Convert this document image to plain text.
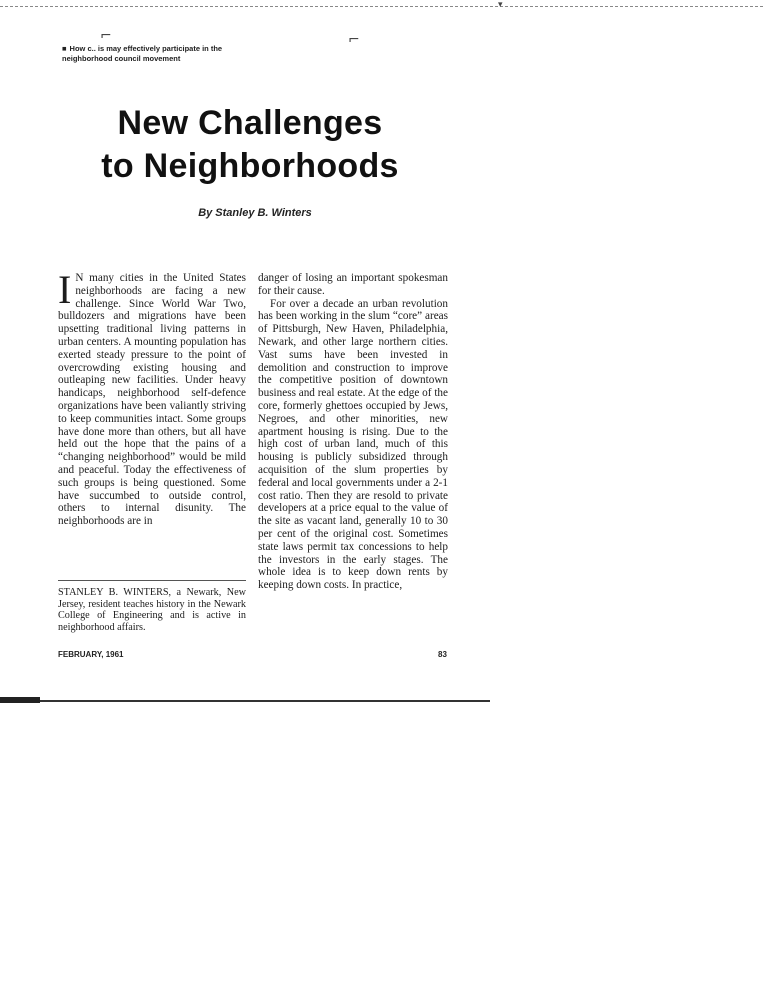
▾
⌐	⌐
■ How c.. is may effectively participate in the
neighborhood council movement
New Challenges
to Neighborhoods
By Stanley B. Winters

I N many cities in the United States neighborhoods are facing a new challenge. Since World War Two, bulldozers and migrations have been upsetting traditional living patterns in urban centers. A mounting population has exerted steady pressure to the point of overcrowding existing housing and outleaping new facilities. Under heavy handicaps, neighborhood self-defence organizations have been valiantly striving to keep communities intact. Some groups have done more than others, but all have held out the hope that the pains of a “changing neighborhood” would be mild and peaceful. Today the effectiveness of such groups is being questioned. Some have succumbed to outside control, others to internal disunity. The neighborhoods are in

danger of losing an important spokesman for their cause.

For over a decade an urban revolution has been working in the slum “core” areas of Pittsburgh, New Haven, Philadelphia, Newark, and other large northern cities. Vast sums have been invested in demolition and construction to improve the competitive position of downtown business and real estate. At the edge of the core, formerly ghettoes occupied by Jews, Negroes, and other minorities, new apartment housing is rising. Due to the high cost of urban land, much of this housing is publicly subsidized through acquisition of the slum properties by federal and local governments under a 2-1 cost ratio. Then they are resold to private developers at a price equal to the value of the site as vacant land, generally 10 to 30 per cent of the original cost. Sometimes state laws permit tax concessions to help the investors in the early stages. The whole idea is to keep down rents by keeping down costs. In practice,

STANLEY B. WINTERS, a Newark, New Jersey, resident teaches history in the Newark College of Engineering and is active in neighborhood affairs.
FEBRUARY, 1961	83
